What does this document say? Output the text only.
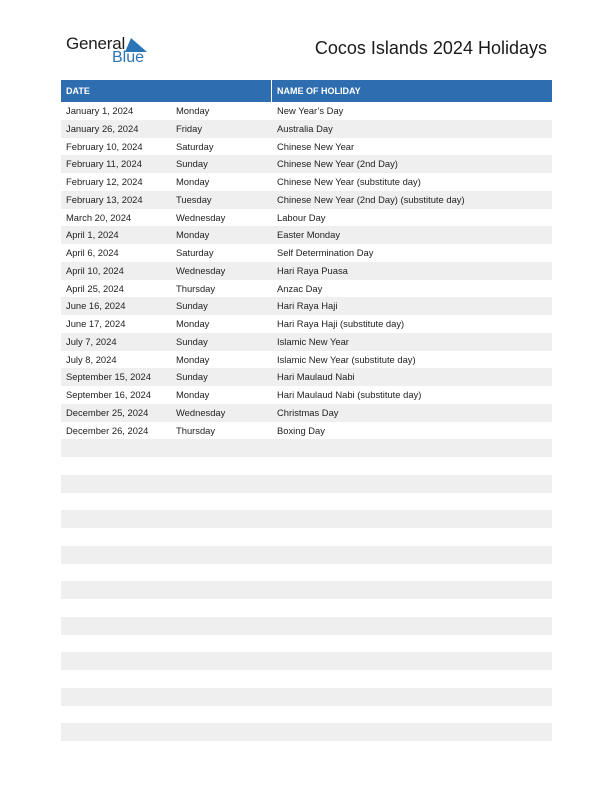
General
Blue	Cocos Islands 2024 Holidays
DATE	NAME OF HOLIDAY
January 1, 2024	Monday	New Year’s Day
January 26, 2024	Friday	Australia Day
February 10, 2024	Saturday	Chinese New Year
February 11, 2024	Sunday	Chinese New Year (2nd Day)
February 12, 2024	Monday	Chinese New Year (substitute day)
February 13, 2024	Tuesday	Chinese New Year (2nd Day) (substitute day)
March 20, 2024	Wednesday	Labour Day
April 1, 2024	Monday	Easter Monday
April 6, 2024	Saturday	Self Determination Day
April 10, 2024	Wednesday	Hari Raya Puasa
April 25, 2024	Thursday	Anzac Day
June 16, 2024	Sunday	Hari Raya Haji
June 17, 2024	Monday	Hari Raya Haji (substitute day)
July 7, 2024	Sunday	Islamic New Year
July 8, 2024	Monday	Islamic New Year (substitute day)
September 15, 2024	Sunday	Hari Maulaud Nabi
September 16, 2024	Monday	Hari Maulaud Nabi (substitute day)
December 25, 2024	Wednesday	Christmas Day
December 26, 2024	Thursday	Boxing Day
